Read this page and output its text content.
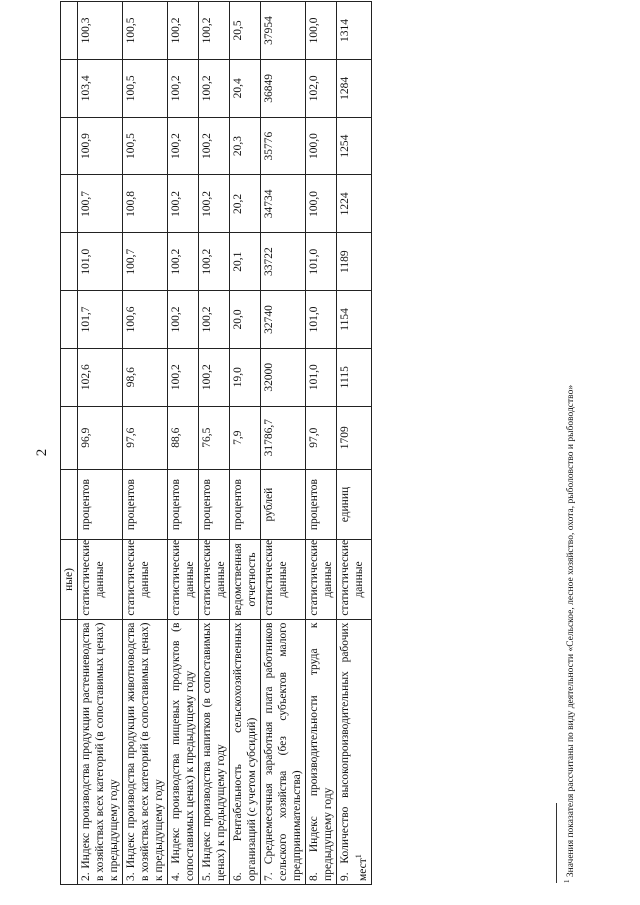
2
	ные)									
2. Индекс производства продукции растениеводства в хозяйствах всех категорий (в сопоставимых ценах) к предыдущему году	статистические данные	процентов	96,9	102,6	101,7	101,0	100,7	100,9	103,4	100,3
3. Индекс производства продукции животноводства в хозяйствах всех категорий (в сопоставимых ценах) к предыдущему году	статистические данные	процентов	97,6	98,6	100,6	100,7	100,8	100,5	100,5	100,5
4. Индекс производства пищевых продуктов (в сопоставимых ценах) к предыдущему году	статистические данные	процентов	88,6	100,2	100,2	100,2	100,2	100,2	100,2	100,2
5. Индекс производства напитков (в сопоставимых ценах) к предыдущему году	статистические данные	процентов	76,5	100,2	100,2	100,2	100,2	100,2	100,2	100,2
6. Рентабельность сельскохозяйственных организаций (с учетом субсидий)	ведомственная отчетность	процентов	7,9	19,0	20,0	20,1	20,2	20,3	20,4	20,5
7. Среднемесячная заработная плата работников сельского хозяйства (без субъектов малого предпринимательства)	статистические данные	рублей	31786,7	32000	32740	33722	34734	35776	36849	37954
8. Индекс производительности труда к предыдущему году	статистические данные	процентов	97,0	101,0	101,0	101,0	100,0	100,0	102,0	100,0
9. Количество высокопроизводительных рабочих мест$^1$	статистические данные	единиц	1709	1115	1154	1189	1224	1254	1284	1314
$^1$ Значения показателя рассчитаны по виду деятельности «Сельское, лесное хозяйство, охота, рыболовство и рыбоводство»
